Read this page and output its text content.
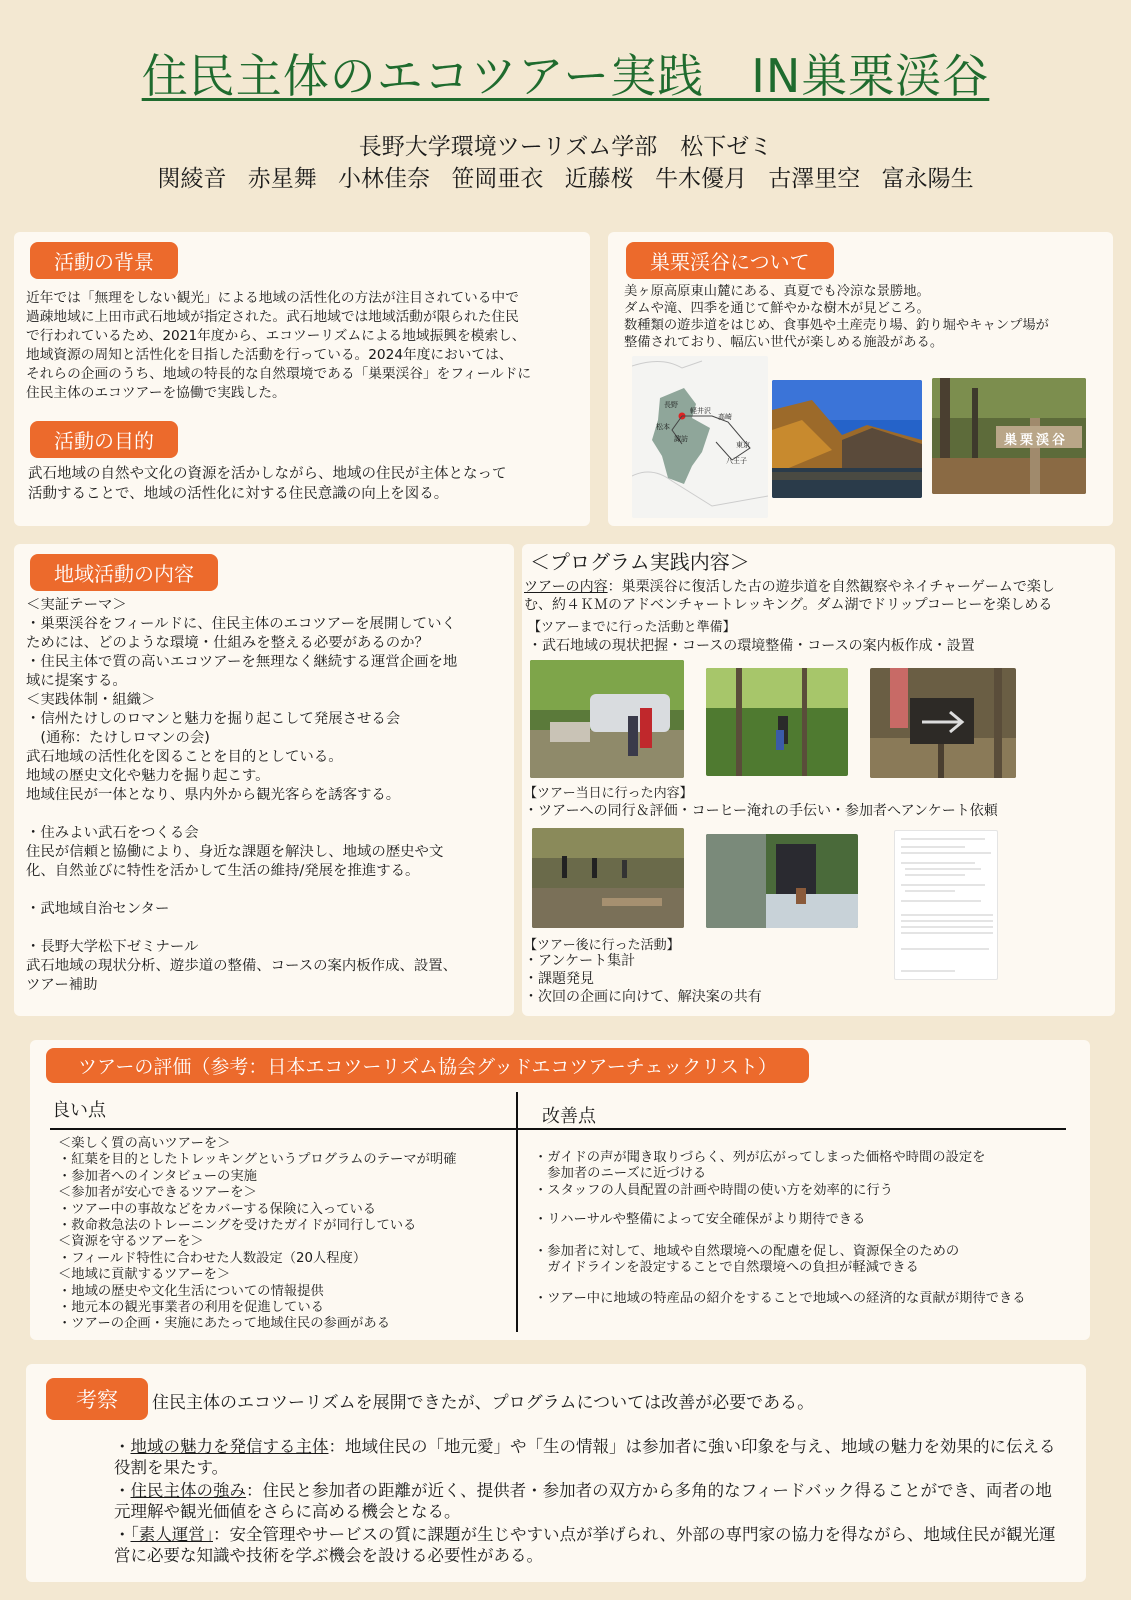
住民主体のエコツアー実践　IN巣栗渓谷
長野大学環境ツーリズム学部　松下ゼミ
関綾音 赤星舞 小林佳奈 笹岡亜衣 近藤桜 牛木優月 古澤里空 富永陽生
活動の背景
近年では「無理をしない観光」による地域の活性化の方法が注目されている中で
過疎地域に上田市武石地域が指定された。武石地域では地域活動が限られた住民
で行われているため、2021年度から、エコツーリズムによる地域振興を模索し、
地域資源の周知と活性化を目指した活動を行っている。2024年度においては、
それらの企画のうち、地域の特長的な自然環境である「巣栗渓谷」をフィールドに
住民主体のエコツアーを協働で実践した。
活動の目的
武石地域の自然や文化の資源を活かしながら、地域の住民が主体となって
活動することで、地域の活性化に対する住民意識の向上を図る。
巣栗渓谷について
美ヶ原高原東山麓にある、真夏でも冷涼な景勝地。
ダムや滝、四季を通じて鮮やかな樹木が見どころ。
数種類の遊歩道をはじめ、食事処や土産売り場、釣り堀やキャンプ場が
整備されており、幅広い世代が楽しめる施設がある。
長野
軽井沢
高崎
松本
諏訪
東京
八王子
巣栗渓谷
地域活動の内容
＜実証テーマ＞
・巣栗渓谷をフィールドに、住民主体のエコツアーを展開していく
ためには、どのような環境・仕組みを整える必要があるのか？
・住民主体で質の高いエコツアーを無理なく継続する運営企画を地
域に提案する。
＜実践体制・組織＞
・信州たけしのロマンと魅力を掘り起こして発展させる会
　(通称：たけしロマンの会)
武石地域の活性化を図ることを目的としている。
地域の歴史文化や魅力を掘り起こす。
地域住民が一体となり、県内外から観光客らを誘客する。

・住みよい武石をつくる会
住民が信頼と協働により、身近な課題を解決し、地域の歴史や文
化、自然並びに特性を活かして生活の維持/発展を推進する。

・武地域自治センター

・長野大学松下ゼミナール
武石地域の現状分析、遊歩道の整備、コースの案内板作成、設置、
ツアー補助
＜プログラム実践内容＞
ツアーの内容：巣栗渓谷に復活した古の遊歩道を自然観察やネイチャーゲームで楽し
む、約４ＫＭのアドベンチャートレッキング。ダム湖でドリップコーヒーを楽しめる
【ツアーまでに行った活動と準備】
・武石地域の現状把握・コースの環境整備・コースの案内板作成・設置
【ツアー当日に行った内容】
・ツアーへの同行＆評価・コーヒー淹れの手伝い・参加者へアンケート依頼
【ツアー後に行った活動】
・アンケート集計
・課題発見
・次回の企画に向けて、解決案の共有
ツアーの評価（参考：日本エコツーリズム協会グッドエコツアーチェックリスト）
良い点	改善点
＜楽しく質の高いツアーを＞
・紅葉を目的としたトレッキングというプログラムのテーマが明確
・参加者へのインタビューの実施
＜参加者が安心できるツアーを＞
・ツアー中の事故などをカバーする保険に入っている
・救命救急法のトレーニングを受けたガイドが同行している
＜資源を守るツアーを＞
・フィールド特性に合わせた人数設定（20人程度）
＜地域に貢献するツアーを＞
・地域の歴史や文化生活についての情報提供
・地元本の観光事業者の利用を促進している
・ツアーの企画・実施にあたって地域住民の参画がある
・ガイドの声が聞き取りづらく、列が広がってしまった価格や時間の設定を
　参加者のニーズに近づける
・スタッフの人員配置の計画や時間の使い方を効率的に行う
・リハーサルや整備によって安全確保がより期待できる
・参加者に対して、地域や自然環境への配慮を促し、資源保全のための
　ガイドラインを設定することで自然環境への負担が軽減できる
・ツアー中に地域の特産品の紹介をすることで地域への経済的な貢献が期待できる
考察	住民主体のエコツーリズムを展開できたが、プログラムについては改善が必要である。
・地域の魅力を発信する主体：地域住民の「地元愛」や「生の情報」は参加者に強い印象を与え、地域の魅力を効果的に伝える役割を果たす。
・住民主体の強み：住民と参加者の距離が近く、提供者・参加者の双方から多角的なフィードバック得ることができ、両者の地元理解や観光価値をさらに高める機会となる。
・「素人運営」：安全管理やサービスの質に課題が生じやすい点が挙げられ、外部の専門家の協力を得ながら、地域住民が観光運営に必要な知識や技術を学ぶ機会を設ける必要性がある。
